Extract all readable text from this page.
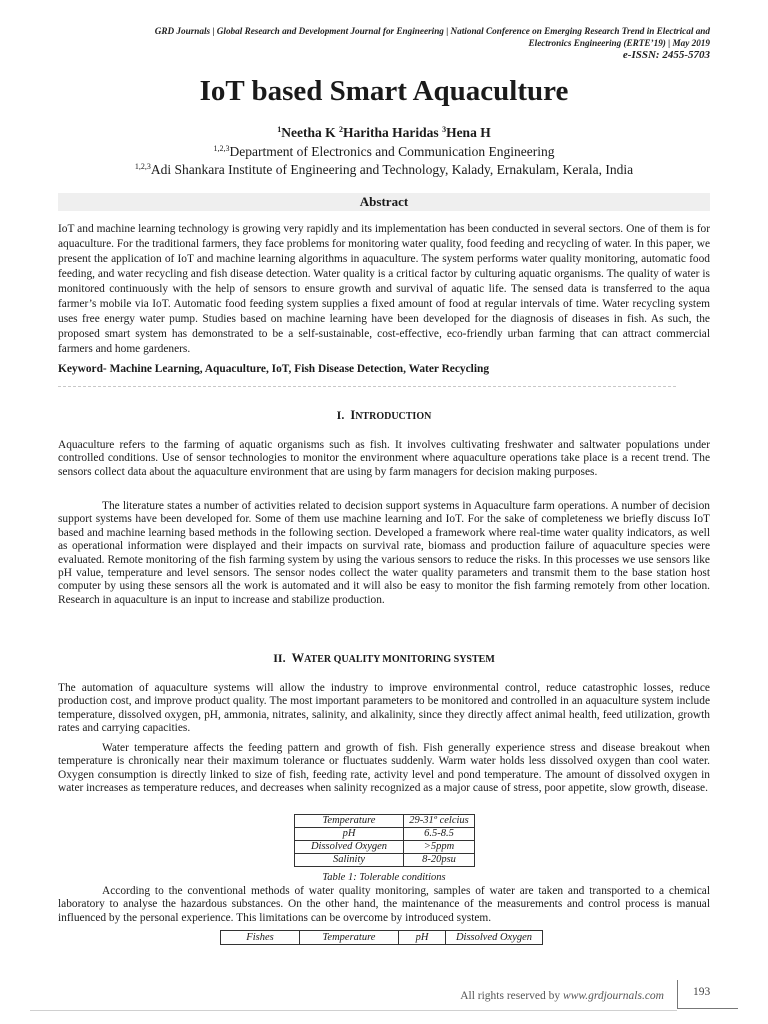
GRD Journals | Global Research and Development Journal for Engineering | National Conference on Emerging Research Trend in Electrical and
Electronics Engineering (ERTE’19) | May 2019
e-ISSN: 2455-5703
IoT based Smart Aquaculture
$^1$Neetha K $^2$Haritha Haridas $^3$Hena H
$^{1,2,3}$Department of Electronics and Communication Engineering
$^{1,2,3}$Adi Shankara Institute of Engineering and Technology, Kalady, Ernakulam, Kerala, India
Abstract
IoT and machine learning technology is growing very rapidly and its implementation has been conducted in several sectors. One of them is for aquaculture. For the traditional farmers, they face problems for monitoring water quality, food feeding and recycling of water. In this paper, we present the application of IoT and machine learning algorithms in aquaculture. The system performs water quality monitoring, automatic food feeding, and water recycling and fish disease detection. Water quality is a critical factor by culturing aquatic organisms. The quality of water is monitored continuously with the help of sensors to ensure growth and survival of aquatic life. The sensed data is transferred to the aqua farmer’s mobile via IoT. Automatic food feeding system supplies a fixed amount of food at regular intervals of time. Water recycling system uses free energy water pump. Studies based on machine learning have been developed for the diagnosis of diseases in fish. As such, the proposed smart system has demonstrated to be a self-sustainable, cost-effective, eco-friendly urban farming that can attract commercial farmers and home gardeners.
Keyword- Machine Learning, Aquaculture, IoT, Fish Disease Detection, Water Recycling
I. INTRODUCTION
Aquaculture refers to the farming of aquatic organisms such as fish. It involves cultivating freshwater and saltwater populations under controlled conditions. Use of sensor technologies to monitor the environment where aquaculture operations take place is a recent trend. The sensors collect data about the aquaculture environment that are using by farm managers for decision making purposes.
The literature states a number of activities related to decision support systems in Aquaculture farm operations. A number of decision support systems have been developed for. Some of them use machine learning and IoT. For the sake of completeness we briefly discuss IoT based and machine learning based methods in the following section. Developed a framework where real-time water quality indicators, as well as operational information were displayed and their impacts on survival rate, biomass and production failure of aquaculture species were evaluated. Remote monitoring of the fish farming system by using the various sensors to reduce the risks. In this processes we use sensors like pH value, temperature and level sensors. The sensor nodes collect the water quality parameters and transmit them to the base station host computer by using these sensors all the work is automated and it will also be easy to monitor the fish farming remotely from other location. Research in aquaculture is an input to increase and stabilize production.
II. WATER QUALITY MONITORING SYSTEM
The automation of aquaculture systems will allow the industry to improve environmental control, reduce catastrophic losses, reduce production cost, and improve product quality. The most important parameters to be monitored and controlled in an aquaculture system include temperature, dissolved oxygen, pH, ammonia, nitrates, salinity, and alkalinity, since they directly affect animal health, feed utilization, growth rates and carrying capacities.
Water temperature affects the feeding pattern and growth of fish. Fish generally experience stress and disease breakout when temperature is chronically near their maximum tolerance or fluctuates suddenly. Warm water holds less dissolved oxygen than cool water. Oxygen consumption is directly linked to size of fish, feeding rate, activity level and pond temperature. The amount of dissolved oxygen in water increases as temperature reduces, and decreases when salinity recognized as a major cause of stress, poor appetite, slow growth, disease.
Temperature	29-31º celcius
pH	6.5-8.5
Dissolved Oxygen	>5ppm
Salinity	8-20psu
Table 1: Tolerable conditions
According to the conventional methods of water quality monitoring, samples of water are taken and transported to a chemical laboratory to analyse the hazardous substances. On the other hand, the maintenance of the measurements and control process is manual influenced by the personal experience. This limitations can be overcome by introduced system.
Fishes	Temperature	pH	Dissolved Oxygen
All rights reserved by www.grdjournals.com	193
